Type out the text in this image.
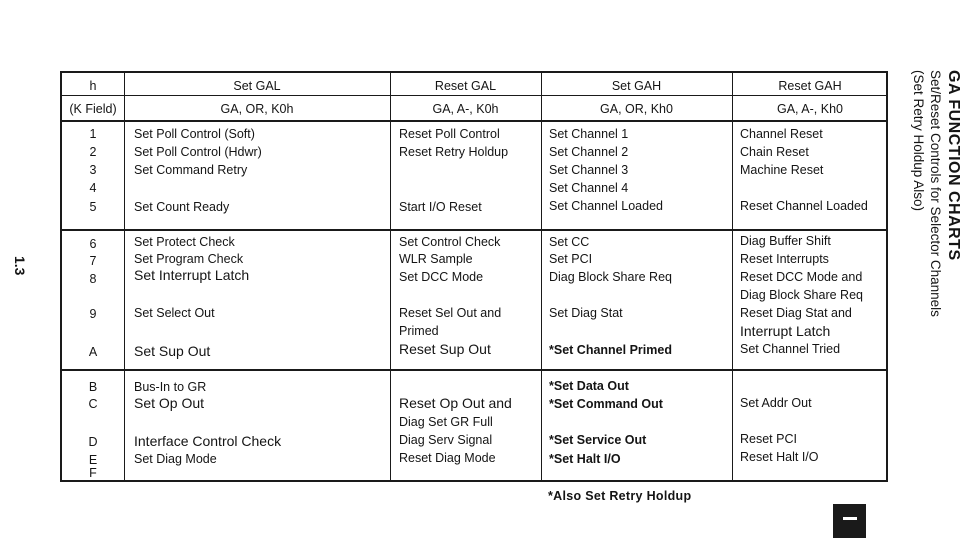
h
(K Field)
Set GAL
GA, OR, K0h
Reset GAL
GA, A-, K0h
Set GAH
GA, OR, Kh0
Reset GAH
GA, A-, Kh0
1
2
3
4
5
6
7
8
9
A
B
C
D
E
F
Set Poll Control (Soft)
Set Poll Control (Hdwr)
Set Command Retry
Set Count Ready
Set Protect Check
Set Program Check
Set Interrupt Latch
Set Select Out
Set Sup Out
Bus-In to GR
Set Op Out
Interface Control Check
Set Diag Mode
Reset Poll Control
Reset Retry Holdup
Start I/O Reset
Set Control Check
WLR Sample
Set DCC Mode
Reset Sel Out and
Primed
Reset Sup Out
Reset Op Out and
Diag Set GR Full
Diag Serv Signal
Reset Diag Mode
Set Channel 1
Set Channel 2
Set Channel 3
Set Channel 4
Set Channel Loaded
Set CC
Set PCI
Diag Block Share Req
Set Diag Stat
*Set Channel Primed
*Set Data Out
*Set Command Out
*Set Service Out
*Set Halt I/O
Channel Reset
Chain Reset
Machine Reset
Reset Channel Loaded
Diag Buffer Shift
Reset Interrupts
Reset DCC Mode and
Diag Block Share Req
Reset Diag Stat and
Interrupt Latch
Set Channel Tried
Set Addr Out
Reset PCI
Reset Halt I/O
*Also Set Retry Holdup
GA FUNCTION CHARTS
Set/Reset Controls for Selector Channels
(Set Retry Holdup Also)
1.3
